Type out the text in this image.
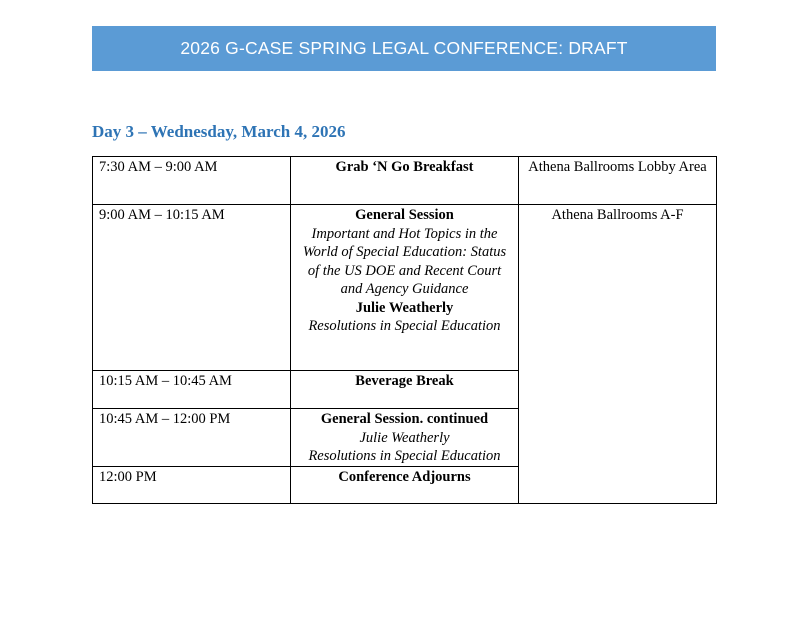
2026 G-CASE SPRING LEGAL CONFERENCE: DRAFT
Day 3 – Wednesday, March 4, 2026
7:30 AM – 9:00 AM	Grab ‘N Go Breakfast	Athena Ballrooms Lobby Area
9:00 AM – 10:15 AM	General Session
Important and Hot Topics in the World of Special Education: Status of the US DOE and Recent Court and Agency Guidance
Julie Weatherly
Resolutions in Special Education	Athena Ballrooms A-F
10:15 AM – 10:45 AM	Beverage Break	

10:45 AM – 12:00 PM	General Session. continued
Julie Weatherly
Resolutions in Special Education	

12:00 PM	Conference Adjourns	
